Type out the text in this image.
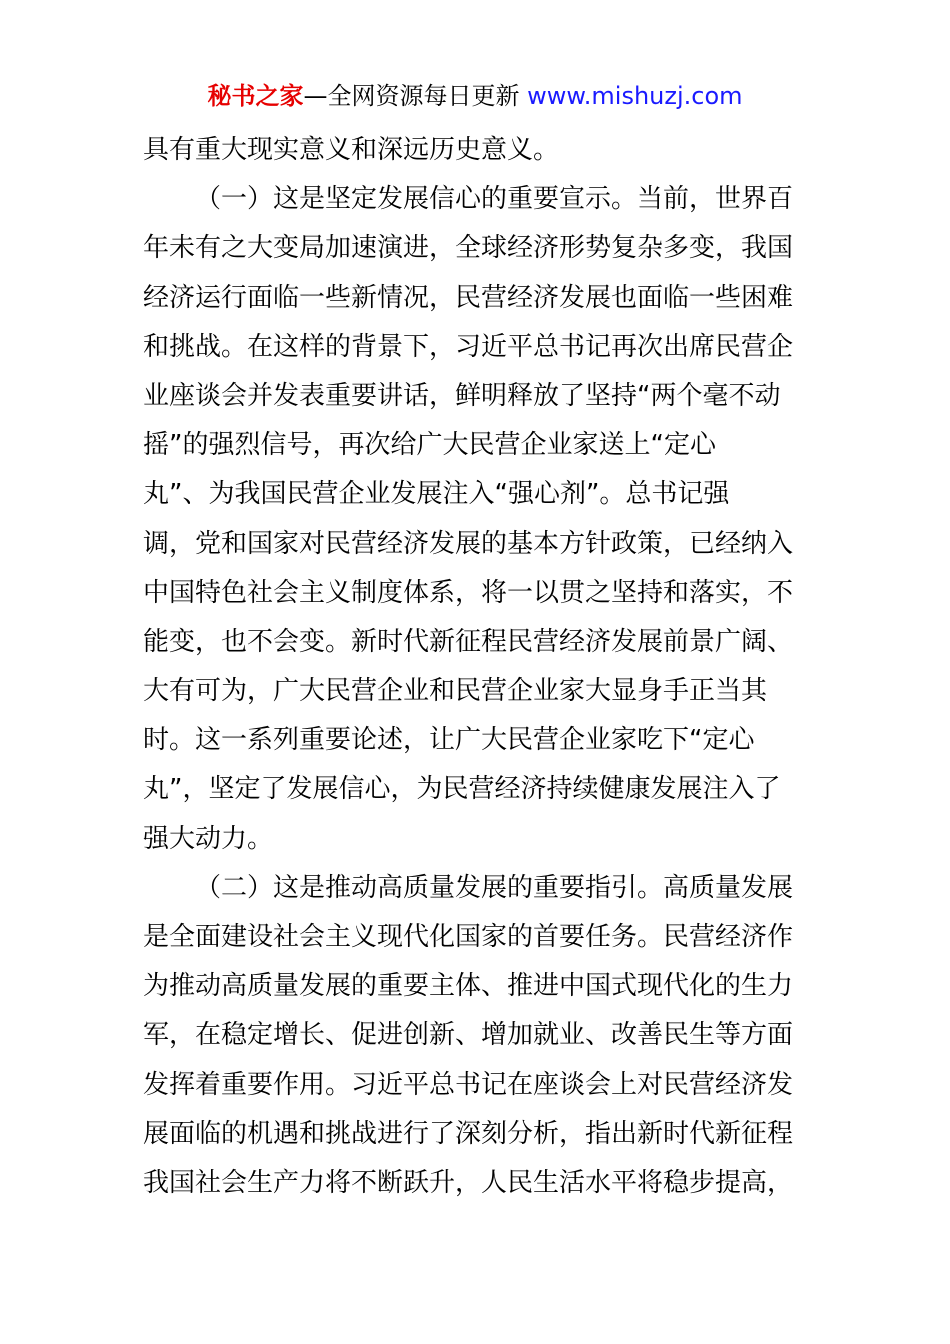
秘书之家—全网资源每日更新 www.mishuzj.com
具有重大现实意义和深远历史意义。
（一）这是坚定发展信心的重要宣示。当前，世界百
年未有之大变局加速演进，全球经济形势复杂多变，我国
经济运行面临一些新情况，民营经济发展也面临一些困难
和挑战。在这样的背景下，习近平总书记再次出席民营企
业座谈会并发表重要讲话，鲜明释放了坚持“两个毫不动
摇”的强烈信号，再次给广大民营企业家送上“定心
丸”、为我国民营企业发展注入“强心剂”。总书记强
调，党和国家对民营经济发展的基本方针政策，已经纳入
中国特色社会主义制度体系，将一以贯之坚持和落实，不
能变，也不会变。新时代新征程民营经济发展前景广阔、
大有可为，广大民营企业和民营企业家大显身手正当其
时。这一系列重要论述，让广大民营企业家吃下“定心
丸”，坚定了发展信心，为民营经济持续健康发展注入了
强大动力。
（二）这是推动高质量发展的重要指引。高质量发展
是全面建设社会主义现代化国家的首要任务。民营经济作
为推动高质量发展的重要主体、推进中国式现代化的生力
军，在稳定增长、促进创新、增加就业、改善民生等方面
发挥着重要作用。习近平总书记在座谈会上对民营经济发
展面临的机遇和挑战进行了深刻分析，指出新时代新征程
我国社会生产力将不断跃升，人民生活水平将稳步提高，
